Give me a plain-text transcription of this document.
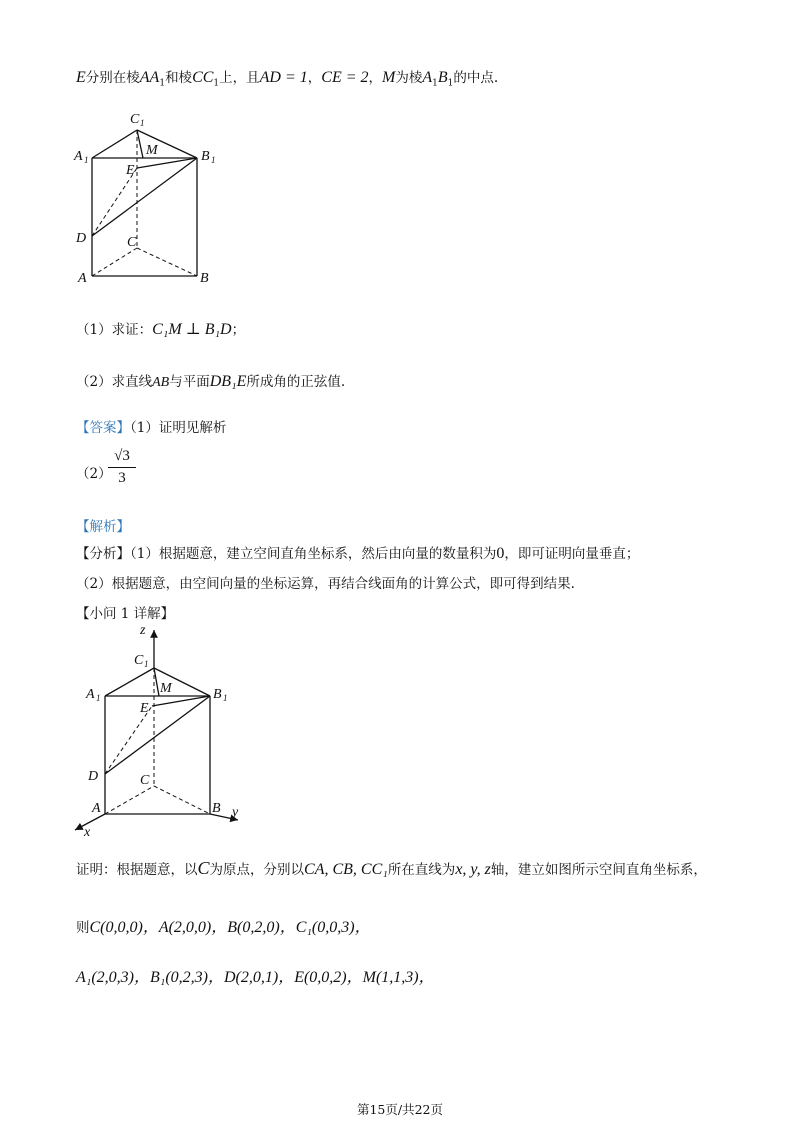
E分别在棱$AA_1$和棱$CC_1$上，且AD = 1，CE = 2，M为棱$A_1B_1$的中点.
C 1
A 1	B 1
M
E
D	C
A	B
（1）求证：C₁M ⊥ B₁D；
（2）求直线AB与平面DB₁E所成角的正弦值.
【答案】（1）证明见解析
（2）
√3
3
【解析】
【分析】（1）根据题意，建立空间直角坐标系，然后由向量的数量积为0，即可证明向量垂直；
（2）根据题意，由空间向量的坐标运算，再结合线面角的计算公式，即可得到结果.
【小问 1 详解】
z
y
x
C 1
A 1	B 1
M
E
D	C
A	B
证明：根据题意，以C为原点，分别以CA, CB, CC₁所在直线为x, y, z轴，建立如图所示空间直角坐标系，
则C(0,0,0)，A(2,0,0)，B(0,2,0)，C₁(0,0,3)，
A₁(2,0,3)，B₁(0,2,3)，D(2,0,1)，E(0,0,2)，M(1,1,3)，
第15页/共22页
